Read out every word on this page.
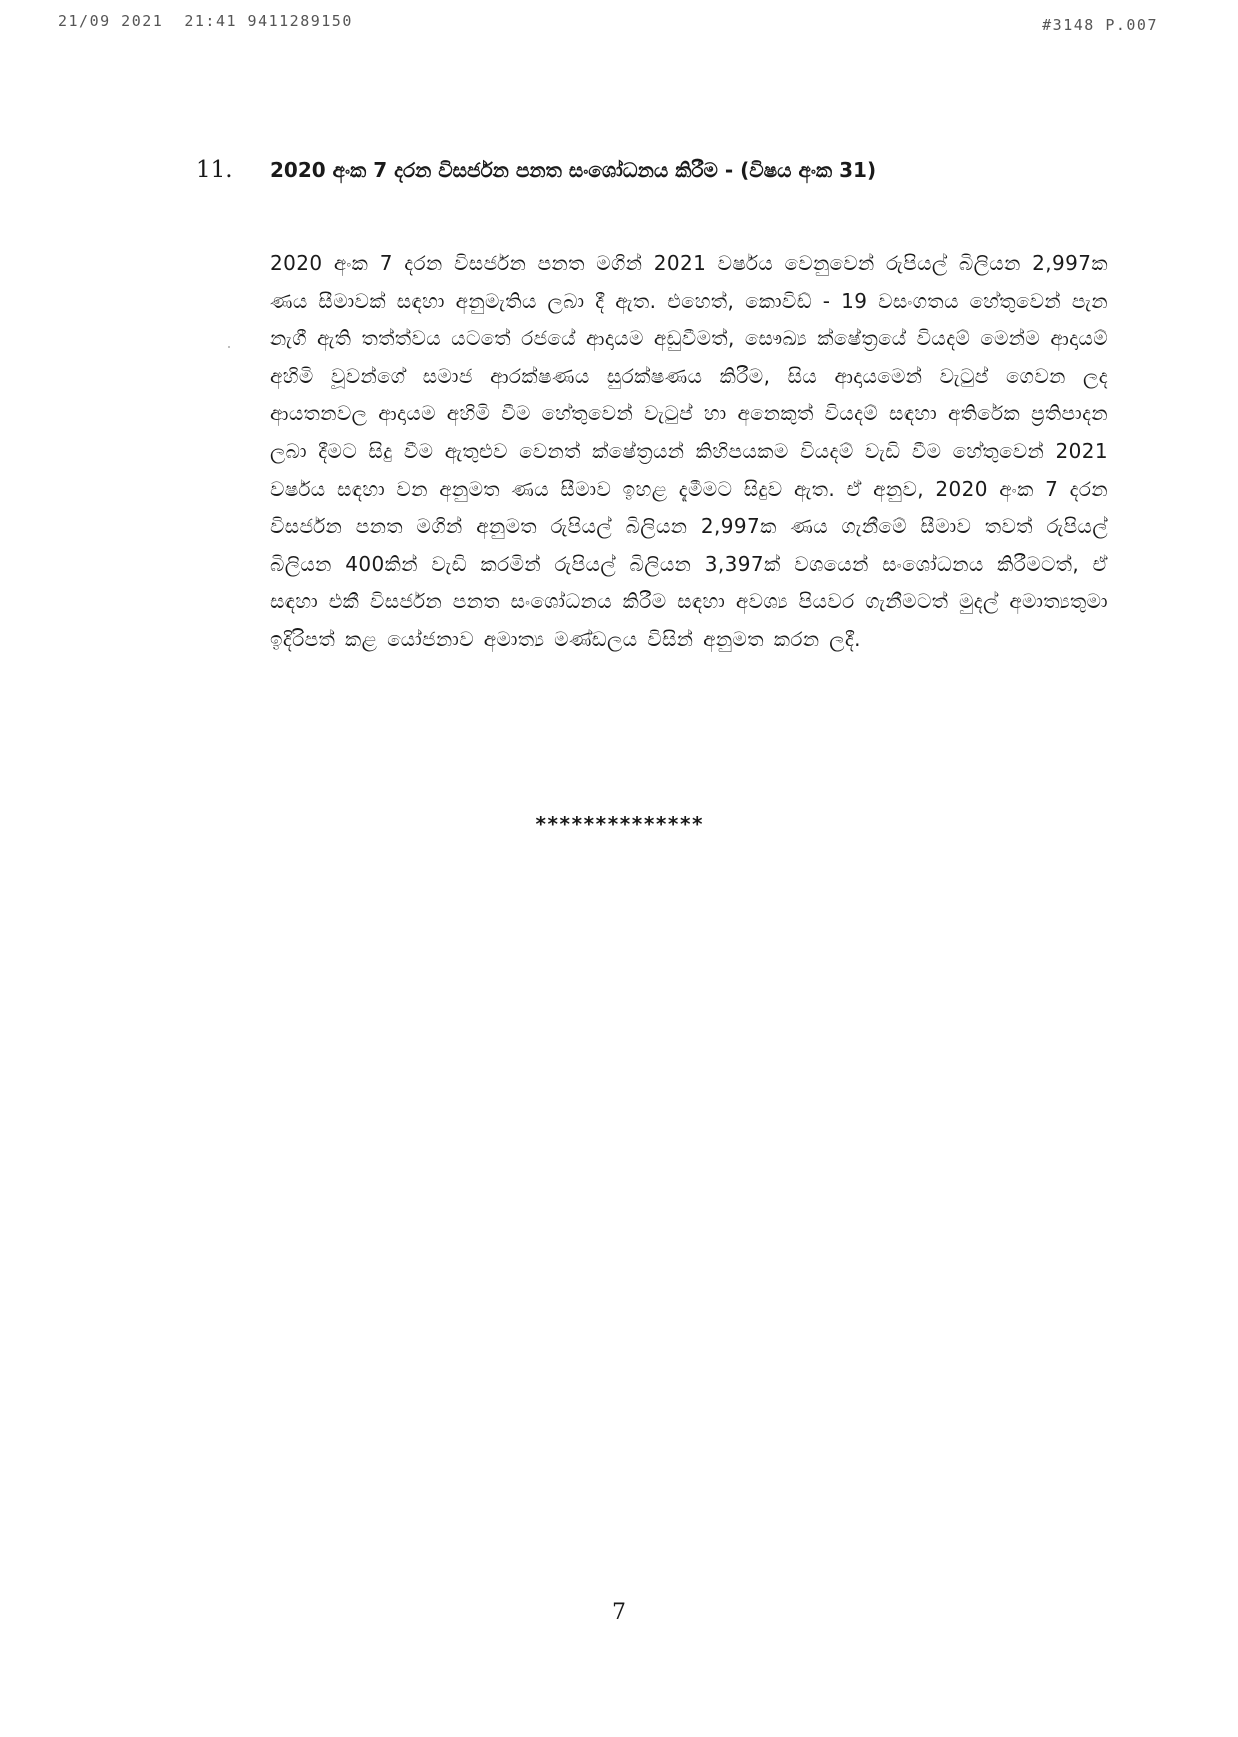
21/09 2021  21:41 9411289150	#3148 P.007
11. 2020 අංක 7 දරන විසර්ජන පනත සංශෝධනය කිරීම - (විෂය අංක 31)

2020 අංක 7 දරන විසර්ජන පනත මගින් 2021 වර්ෂය වෙනුවෙන් රුපියල් බිලියන 2,997ක ණය සීමාවක් සඳහා අනුමැතිය ලබා දී ඇත. එහෙත්, කොවිඩ් - 19 වසංගතය හේතුවෙන් පැන නැගී ඇති තත්ත්වය යටතේ රජයේ ආදායම අඩුවීමත්, සෞඛ්‍ය ක්ෂේත්‍රයේ වියදම් මෙන්ම ආදායම් අහිමි වූවන්ගේ සමාජ ආරක්ෂණය සුරක්ෂණය කිරීම, සිය ආදායමෙන් වැටුප් ගෙවන ලද ආයතනවල ආදායම අහිමි වීම හේතුවෙන් වැටුප් හා අනෙකුත් වියදම් සඳහා අතිරේක ප්‍රතිපාදන ලබා දීමට සිදු වීම ඇතුළුව වෙනත් ක්ෂේත්‍රයන් කිහිපයකම වියදම් වැඩි වීම හේතුවෙන් 2021 වර්ෂය සඳහා වන අනුමත ණය සීමාව ඉහළ දැමීමට සිදුව ඇත. ඒ අනුව, 2020 අංක 7 දරන විසර්ජන පනත මගින් අනුමත රුපියල් බිලියන 2,997ක ණය ගැනීමේ සීමාව තවත් රුපියල් බිලියන 400කින් වැඩි කරමින් රුපියල් බිලියන 3,397ක් වශයෙන් සංශෝධනය කිරීමටත්, ඒ සඳහා එකී විසර්ජන පනත සංශෝධනය කිරීම සඳහා අවශ්‍ය පියවර ගැනීමටත් මුදල් අමාත්‍යතුමා ඉදිරිපත් කළ යෝජනාව අමාත්‍ය මණ්ඩලය විසින් අනුමත කරන ලදී.

**************
7
